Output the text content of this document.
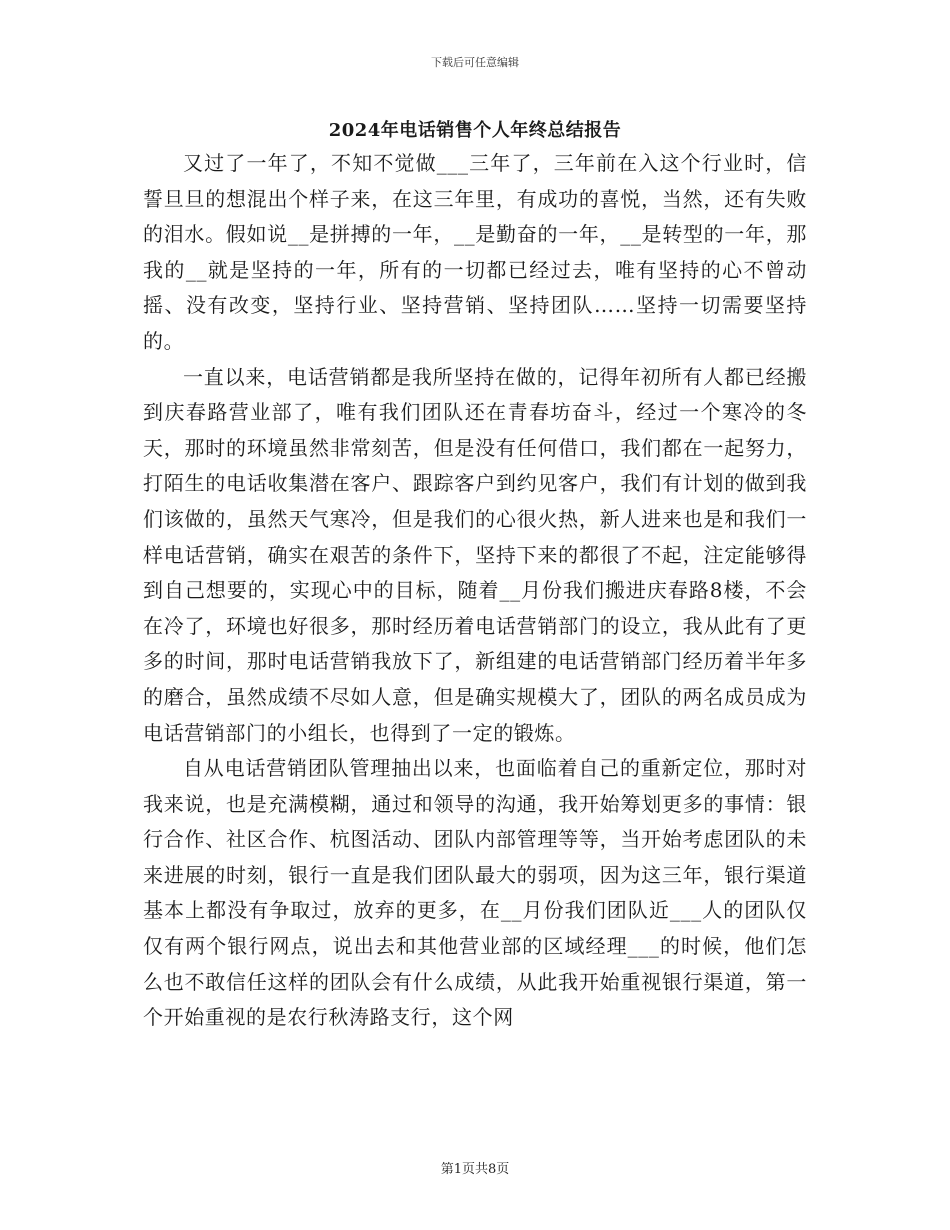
下载后可任意编辑
2024年电话销售个人年终总结报告

又过了一年了，不知不觉做___三年了，三年前在入这个行业时，信誓旦旦的想混出个样子来，在这三年里，有成功的喜悦，当然，还有失败的泪水。假如说__是拼搏的一年，__是勤奋的一年，__是转型的一年，那我的__就是坚持的一年，所有的一切都已经过去，唯有坚持的心不曾动摇、没有改变，坚持行业、坚持营销、坚持团队……坚持一切需要坚持的。

一直以来，电话营销都是我所坚持在做的，记得年初所有人都已经搬到庆春路营业部了，唯有我们团队还在青春坊奋斗，经过一个寒冷的冬天，那时的环境虽然非常刻苦，但是没有任何借口，我们都在一起努力，打陌生的电话收集潜在客户、跟踪客户到约见客户，我们有计划的做到我们该做的，虽然天气寒冷，但是我们的心很火热，新人进来也是和我们一样电话营销，确实在艰苦的条件下，坚持下来的都很了不起，注定能够得到自己想要的，实现心中的目标，随着__月份我们搬进庆春路8楼，不会在冷了，环境也好很多，那时经历着电话营销部门的设立，我从此有了更多的时间，那时电话营销我放下了，新组建的电话营销部门经历着半年多的磨合，虽然成绩不尽如人意，但是确实规模大了，团队的两名成员成为电话营销部门的小组长，也得到了一定的锻炼。

自从电话营销团队管理抽出以来，也面临着自己的重新定位，那时对我来说，也是充满模糊，通过和领导的沟通，我开始筹划更多的事情：银行合作、社区合作、杭图活动、团队内部管理等等，当开始考虑团队的未来进展的时刻，银行一直是我们团队最大的弱项，因为这三年，银行渠道基本上都没有争取过，放弃的更多，在__月份我们团队近___人的团队仅仅有两个银行网点，说出去和其他营业部的区域经理___的时候，他们怎么也不敢信任这样的团队会有什么成绩，从此我开始重视银行渠道，第一个开始重视的是农行秋涛路支行，这个网

第1页共8页
